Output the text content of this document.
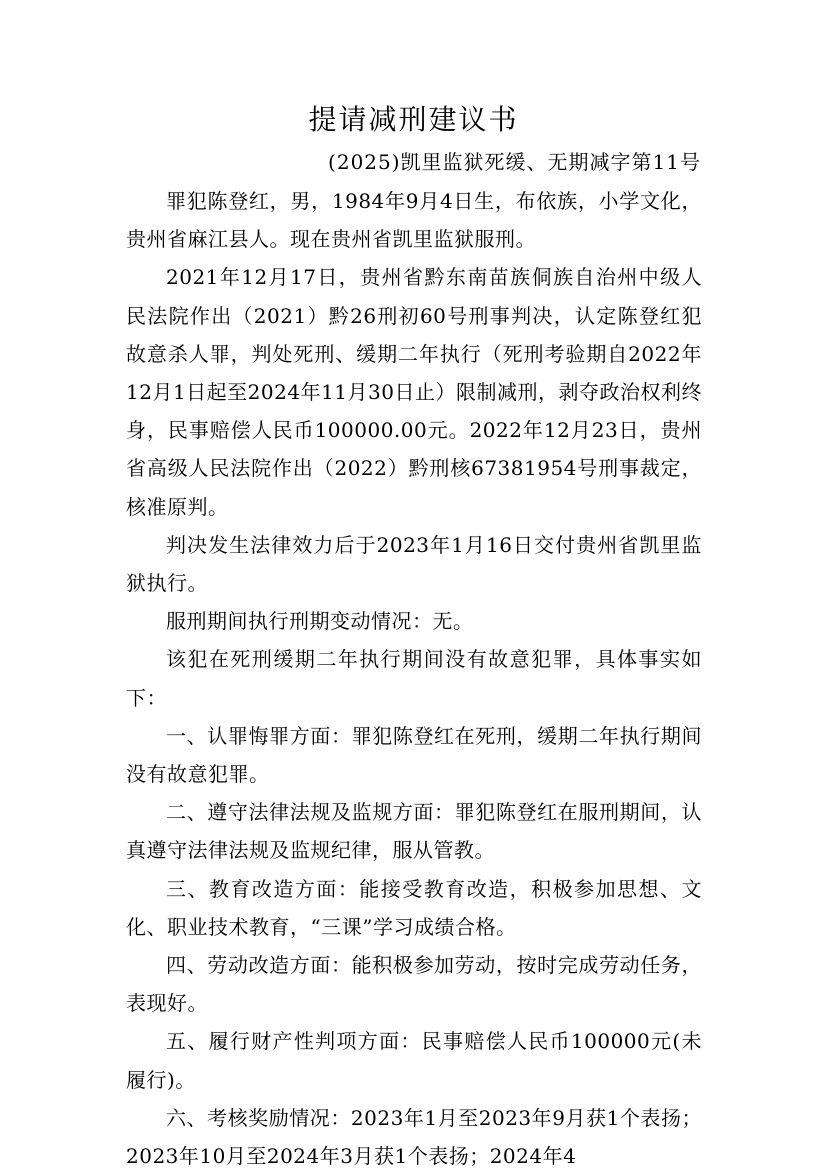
提请减刑建议书
(2025)凯里监狱死缓、无期减字第11号

罪犯陈登红，男，1984年9月4日生，布依族，小学文化，贵州省麻江县人。现在贵州省凯里监狱服刑。

2021年12月17日，贵州省黔东南苗族侗族自治州中级人民法院作出（2021）黔26刑初60号刑事判决，认定陈登红犯故意杀人罪，判处死刑、缓期二年执行（死刑考验期自2022年12月1日起至2024年11月30日止）限制减刑，剥夺政治权利终身，民事赔偿人民币100000.00元。2022年12月23日，贵州省高级人民法院作出（2022）黔刑核67381954号刑事裁定，核准原判。

判决发生法律效力后于2023年1月16日交付贵州省凯里监狱执行。

服刑期间执行刑期变动情况：无。

该犯在死刑缓期二年执行期间没有故意犯罪，具体事实如下：

一、认罪悔罪方面：罪犯陈登红在死刑，缓期二年执行期间没有故意犯罪。

二、遵守法律法规及监规方面：罪犯陈登红在服刑期间，认真遵守法律法规及监规纪律，服从管教。

三、教育改造方面：能接受教育改造，积极参加思想、文化、职业技术教育，“三课”学习成绩合格。

四、劳动改造方面：能积极参加劳动，按时完成劳动任务，表现好。

五、履行财产性判项方面：民事赔偿人民币100000元(未履行)。

六、考核奖励情况：2023年1月至2023年9月获1个表扬；2023年10月至2024年3月获1个表扬；2024年4
